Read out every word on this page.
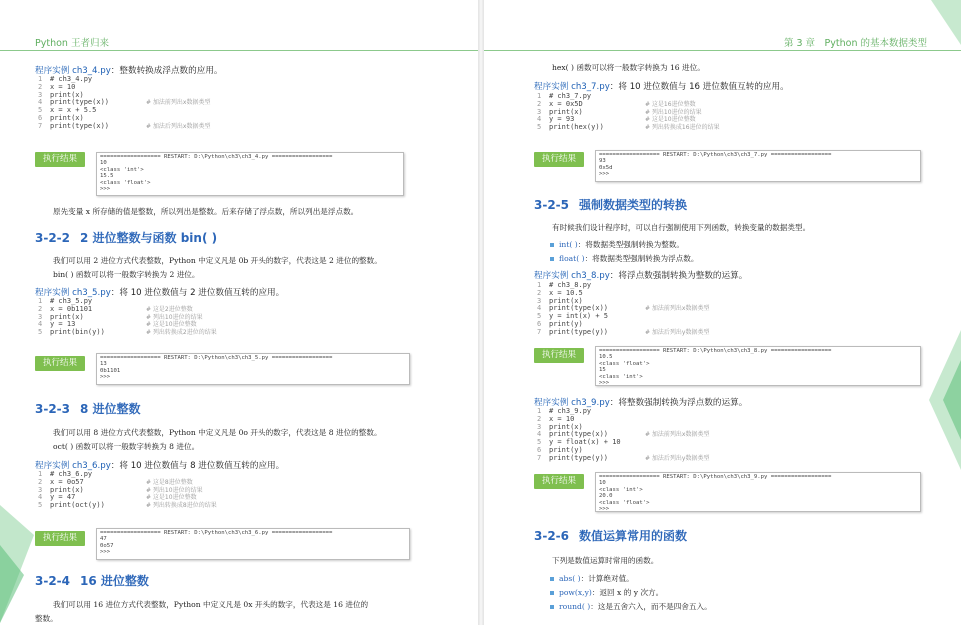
Python 王者归来
程序实例 ch3_4.py：整数转换成浮点数的应用。
1 # ch3_4.py
2 x = 10
3 print(x)
4 print(type(x))	# 加法前列出x数据类型
5 x = x + 5.5
6 print(x)
7 print(type(x))	# 加法后列出x数据类型
执行结果	================== RESTART: D:\Python\ch3\ch3_4.py ==================
10
<class 'int'>
15.5
<class 'float'>
>>>
原先变量 x 所存储的值是整数，所以列出是整数。后来存储了浮点数，所以列出是浮点数。
3-2-2 2 进位整数与函数 bin( )
我们可以用 2 进位方式代表整数，Python 中定义凡是 0b 开头的数字，代表这是 2 进位的整数。
bin( ) 函数可以将一般数字转换为 2 进位。
程序实例 ch3_5.py：将 10 进位数值与 2 进位数值互转的应用。
1 # ch3_5.py
2 x = 0b1101	# 这是2进位整数
3 print(x)	# 列出10进位的结果
4 y = 13	# 这是10进位整数
5 print(bin(y))	# 列出转换成2进位的结果
执行结果	================== RESTART: D:\Python\ch3\ch3_5.py ==================
13
0b1101
>>>
3-2-3 8 进位整数
我们可以用 8 进位方式代表整数，Python 中定义凡是 0o 开头的数字，代表这是 8 进位的整数。
oct( ) 函数可以将一般数字转换为 8 进位。
程序实例 ch3_6.py：将 10 进位数值与 8 进位数值互转的应用。
1 # ch3_6.py
2 x = 0o57	# 这是8进位整数
3 print(x)	# 列出10进位的结果
4 y = 47	# 这是10进位整数
5 print(oct(y))	# 列出转换成8进位的结果
执行结果	================== RESTART: D:\Python\ch3\ch3_6.py ==================
47
0o57
>>>
3-2-4 16 进位整数
我们可以用 16 进位方式代表整数，Python 中定义凡是 0x 开头的数字，代表这是 16 进位的
整数。
第 3 章　Python 的基本数据类型
hex( ) 函数可以将一般数字转换为 16 进位。
程序实例 ch3_7.py：将 10 进位数值与 16 进位数值互转的应用。
1 # ch3_7.py
2 x = 0x5D	# 这是16进位整数
3 print(x)	# 列出10进位的结果
4 y = 93	# 这是10进位整数
5 print(hex(y))	# 列出转换成16进位的结果
执行结果	================== RESTART: D:\Python\ch3\ch3_7.py ==================
93
0x5d
>>>
3-2-5 强制数据类型的转换
有时候我们设计程序时，可以自行强制使用下列函数，转换变量的数据类型。
int( )：将数据类型强制转换为整数。
float( )：将数据类型强制转换为浮点数。
程序实例 ch3_8.py：将浮点数强制转换为整数的运算。
1 # ch3_8.py
2 x = 10.5
3 print(x)
4 print(type(x))	# 加法前列出x数据类型
5 y = int(x) + 5
6 print(y)
7 print(type(y))	# 加法后列出y数据类型
执行结果	================== RESTART: D:\Python\ch3\ch3_8.py ==================
10.5
<class 'float'>
15
<class 'int'>
>>>
程序实例 ch3_9.py：将整数强制转换为浮点数的运算。
1 # ch3_9.py
2 x = 10
3 print(x)
4 print(type(x))	# 加法前列出x数据类型
5 y = float(x) + 10
6 print(y)
7 print(type(y))	# 加法后列出y数据类型
执行结果	================== RESTART: D:\Python\ch3\ch3_9.py ==================
10
<class 'int'>
20.0
<class 'float'>
>>>
3-2-6 数值运算常用的函数
下列是数值运算时常用的函数。
abs( )：计算绝对值。
pow(x,y)：返回 x 的 y 次方。
round( )：这是五舍六入，而不是四舍五入。
